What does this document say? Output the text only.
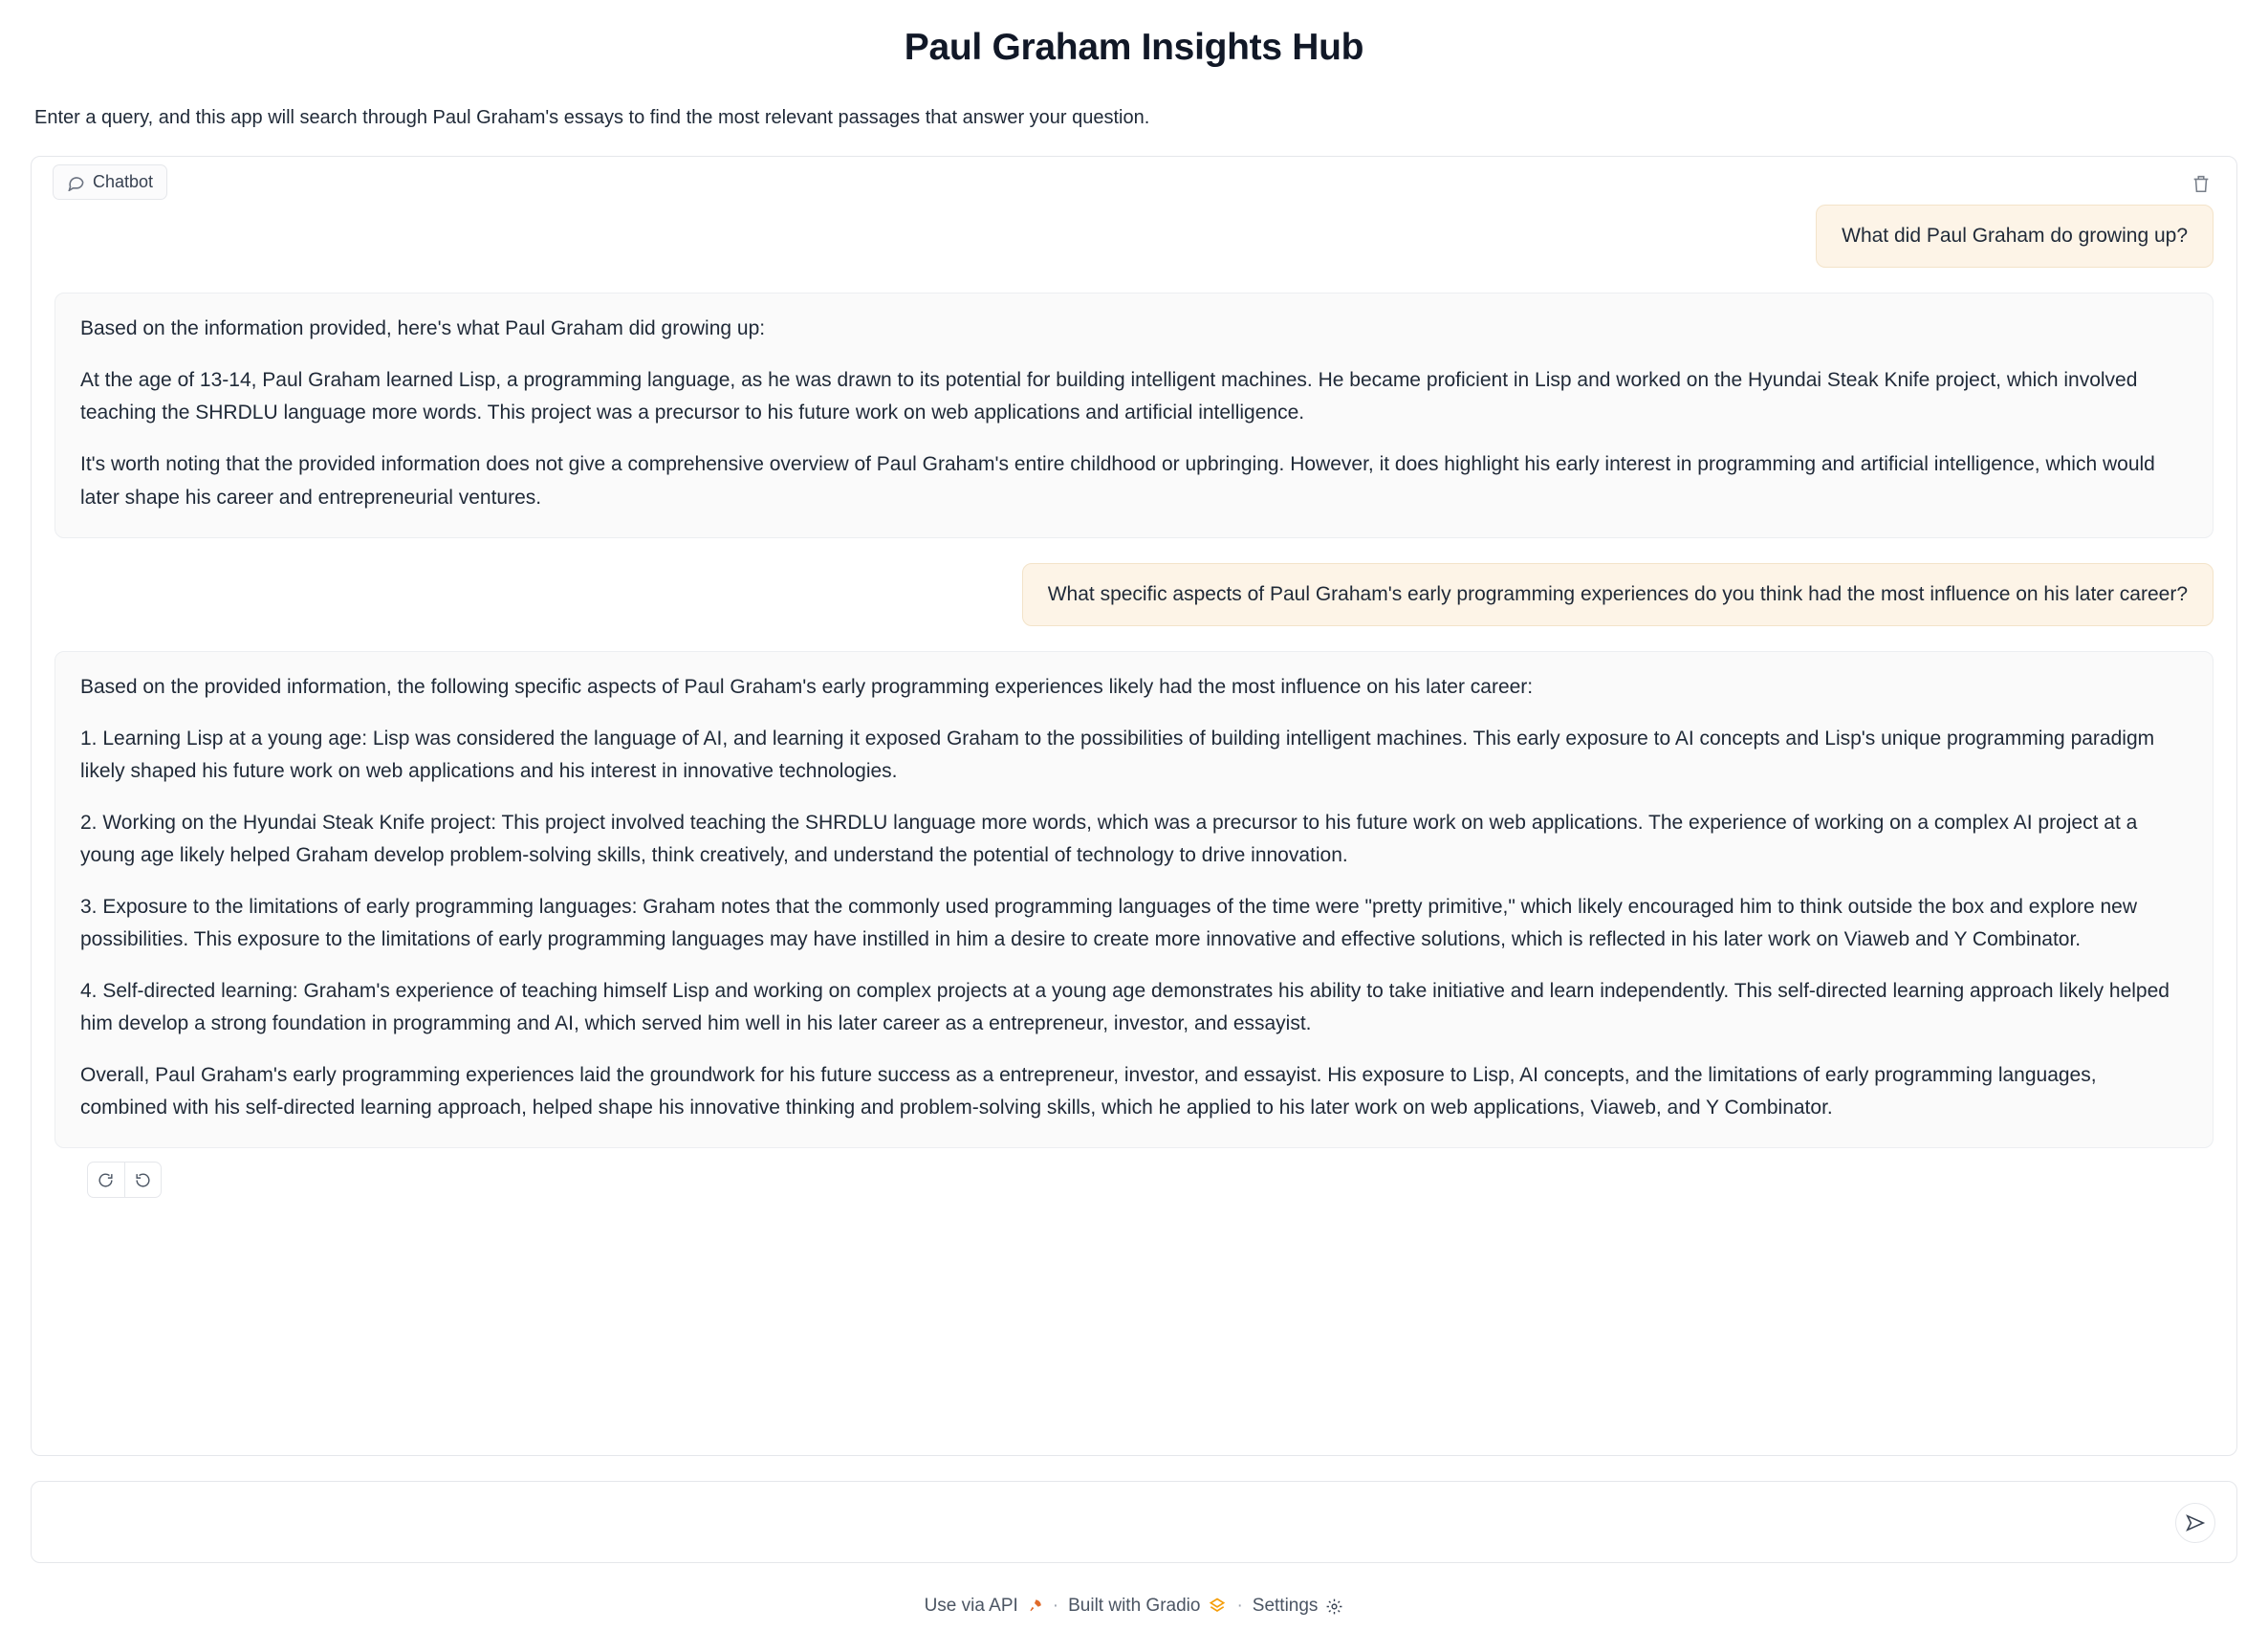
Paul Graham Insights Hub
Enter a query, and this app will search through Paul Graham's essays to find the most relevant passages that answer your question.
Chatbot
What did Paul Graham do growing up?

Based on the information provided, here's what Paul Graham did growing up:

At the age of 13-14, Paul Graham learned Lisp, a programming language, as he was drawn to its potential for building intelligent machines. He became proficient in Lisp and worked on the Hyundai Steak Knife project, which involved teaching the SHRDLU language more words. This project was a precursor to his future work on web applications and artificial intelligence.

It's worth noting that the provided information does not give a comprehensive overview of Paul Graham's entire childhood or upbringing. However, it does highlight his early interest in programming and artificial intelligence, which would later shape his career and entrepreneurial ventures.

What specific aspects of Paul Graham's early programming experiences do you think had the most influence on his later career?

Based on the provided information, the following specific aspects of Paul Graham's early programming experiences likely had the most influence on his later career:

1. Learning Lisp at a young age: Lisp was considered the language of AI, and learning it exposed Graham to the possibilities of building intelligent machines. This early exposure to AI concepts and Lisp's unique programming paradigm likely shaped his future work on web applications and his interest in innovative technologies.

2. Working on the Hyundai Steak Knife project: This project involved teaching the SHRDLU language more words, which was a precursor to his future work on web applications. The experience of working on a complex AI project at a young age likely helped Graham develop problem-solving skills, think creatively, and understand the potential of technology to drive innovation.

3. Exposure to the limitations of early programming languages: Graham notes that the commonly used programming languages of the time were "pretty primitive," which likely encouraged him to think outside the box and explore new possibilities. This exposure to the limitations of early programming languages may have instilled in him a desire to create more innovative and effective solutions, which is reflected in his later work on Viaweb and Y Combinator.

4. Self-directed learning: Graham's experience of teaching himself Lisp and working on complex projects at a young age demonstrates his ability to take initiative and learn independently. This self-directed learning approach likely helped him develop a strong foundation in programming and AI, which served him well in his later career as a entrepreneur, investor, and essayist.

Overall, Paul Graham's early programming experiences laid the groundwork for his future success as a entrepreneur, investor, and essayist. His exposure to Lisp, AI concepts, and the limitations of early programming languages, combined with his self-directed learning approach, helped shape his innovative thinking and problem-solving skills, which he applied to his later work on web applications, Viaweb, and Y Combinator.

Use via API · Built with Gradio · Settings
